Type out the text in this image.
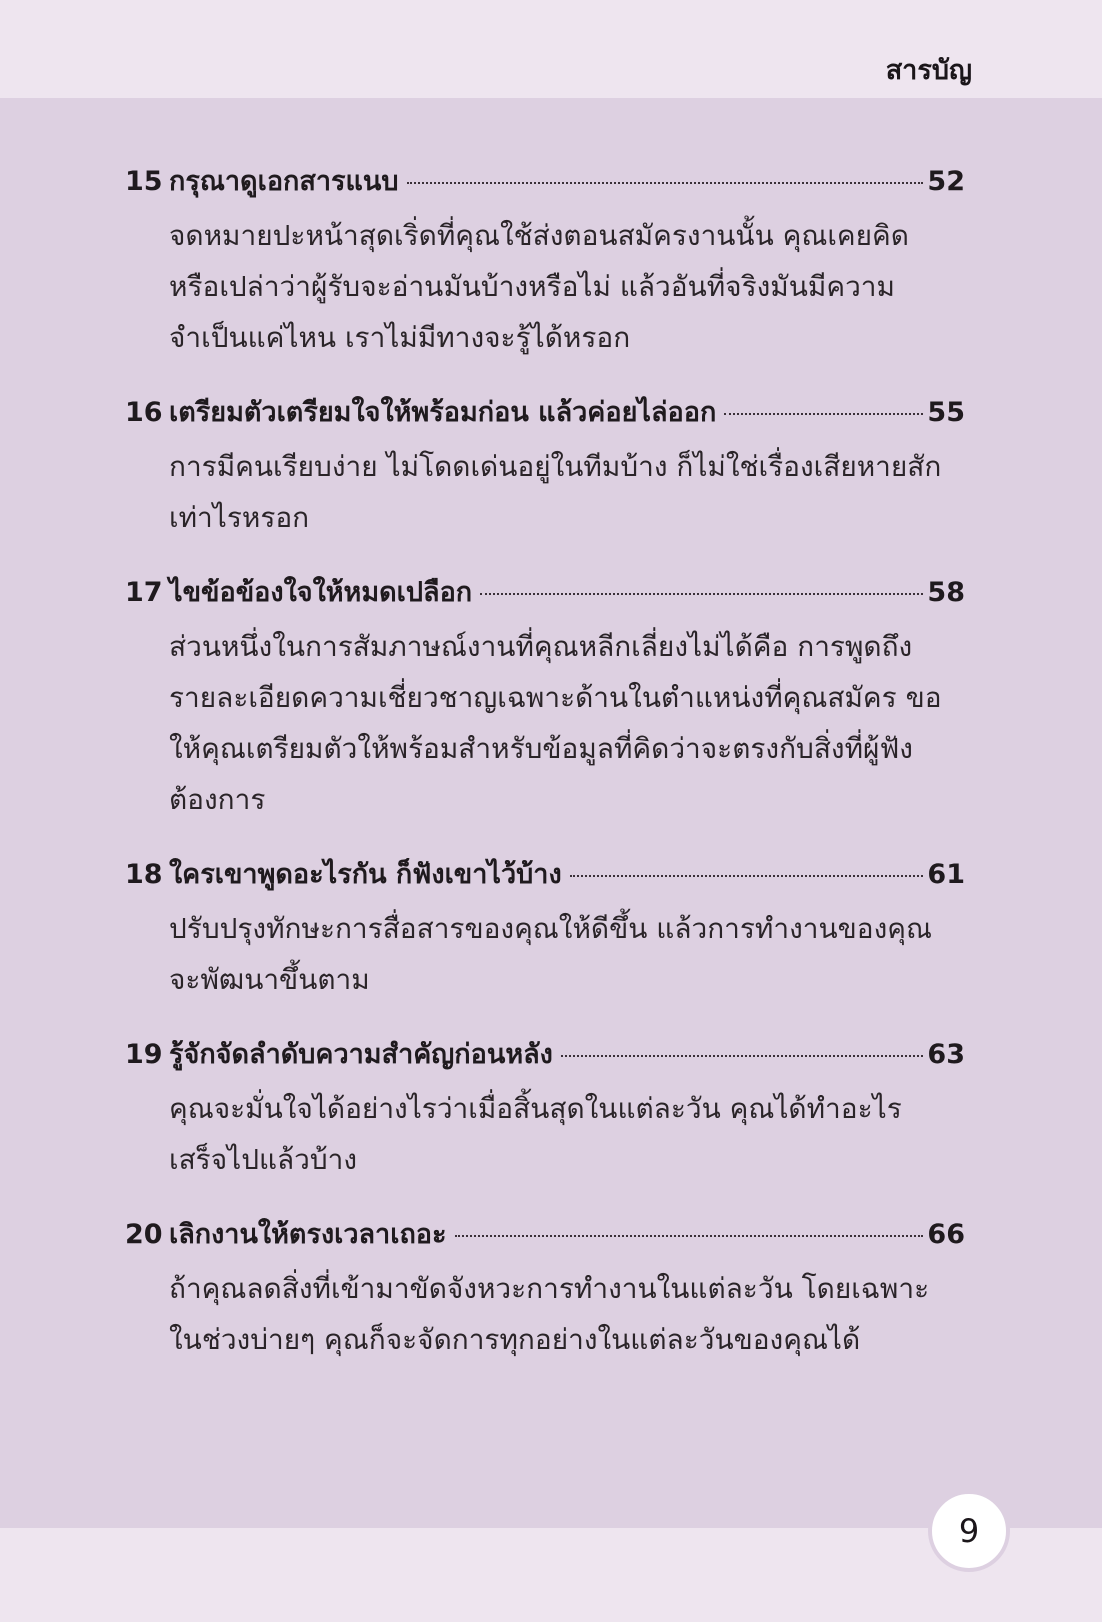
สารบัญ
15 กรุณาดูเอกสารแนบ	52

จดหมายปะหน้าสุดเริ่ดที่คุณใช้ส่งตอนสมัครงานนั้น คุณเคยคิดหรือเปล่าว่าผู้รับจะอ่านมันบ้างหรือไม่ แล้วอันที่จริงมันมีความจำเป็นแค่ไหน เราไม่มีทางจะรู้ได้หรอก

16 เตรียมตัวเตรียมใจให้พร้อมก่อน แล้วค่อยไล่ออก	55

การมีคนเรียบง่าย ไม่โดดเด่นอยู่ในทีมบ้าง ก็ไม่ใช่เรื่องเสียหายสักเท่าไรหรอก

17 ไขข้อข้องใจให้หมดเปลือก	58

ส่วนหนึ่งในการสัมภาษณ์งานที่คุณหลีกเลี่ยงไม่ได้คือ การพูดถึงรายละเอียดความเชี่ยวชาญเฉพาะด้านในตำแหน่งที่คุณสมัคร ขอให้คุณเตรียมตัวให้พร้อมสำหรับข้อมูลที่คิดว่าจะตรงกับสิ่งที่ผู้ฟังต้องการ

18 ใครเขาพูดอะไรกัน ก็ฟังเขาไว้บ้าง	61

ปรับปรุงทักษะการสื่อสารของคุณให้ดีขึ้น แล้วการทำงานของคุณจะพัฒนาขึ้นตาม

19 รู้จักจัดลำดับความสำคัญก่อนหลัง	63

คุณจะมั่นใจได้อย่างไรว่าเมื่อสิ้นสุดในแต่ละวัน คุณได้ทำอะไรเสร็จไปแล้วบ้าง

20 เลิกงานให้ตรงเวลาเถอะ	66

ถ้าคุณลดสิ่งที่เข้ามาขัดจังหวะการทำงานในแต่ละวัน โดยเฉพาะในช่วงบ่ายๆ คุณก็จะจัดการทุกอย่างในแต่ละวันของคุณได้

9
